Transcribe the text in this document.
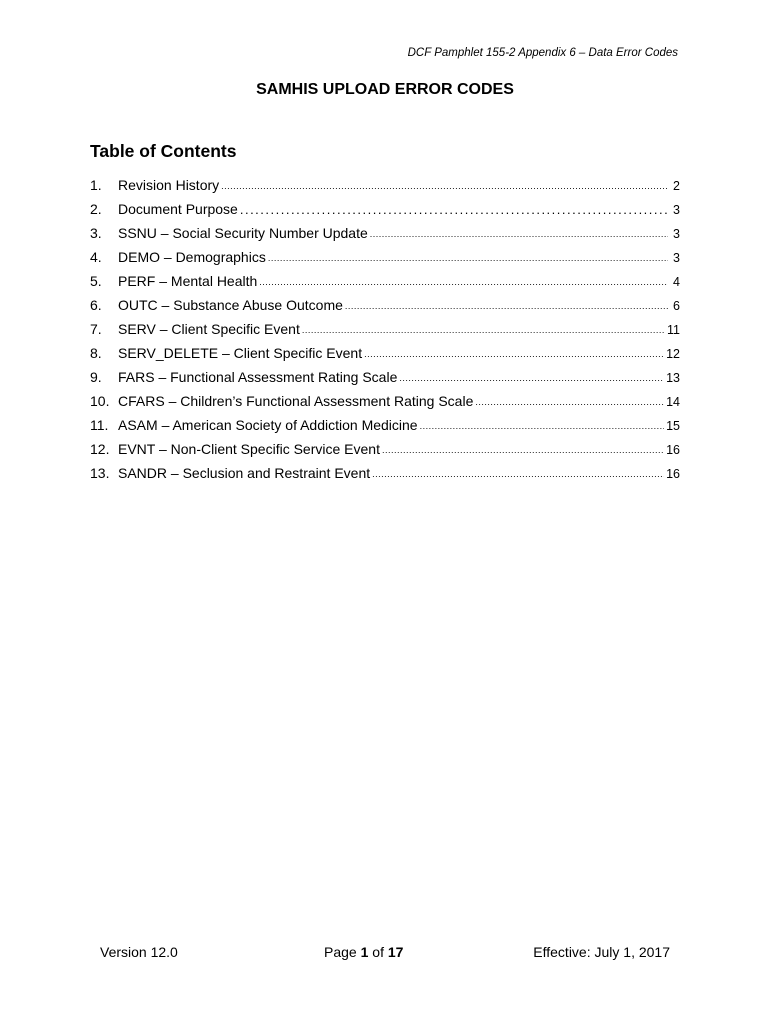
DCF Pamphlet 155-2 Appendix 6 – Data Error Codes
SAMHIS UPLOAD ERROR CODES
Table of Contents
1.	Revision History .....	2
2.	Document Purpose .....	3
3.	SSNU – Social Security Number Update .....	3
4.	DEMO – Demographics .....	3
5.	PERF – Mental Health .....	4
6.	OUTC – Substance Abuse Outcome .....	6
7.	SERV – Client Specific Event .....	11
8.	SERV_DELETE – Client Specific Event .....	12
9.	FARS – Functional Assessment Rating Scale .....	13
10. CFARS – Children’s Functional Assessment Rating Scale .....	14
11. ASAM – American Society of Addiction Medicine .....	15
12. EVNT – Non-Client Specific Service Event .....	16
13. SANDR – Seclusion and Restraint Event .....	16
Version 12.0	Page 1 of 17	Effective: July 1, 2017
